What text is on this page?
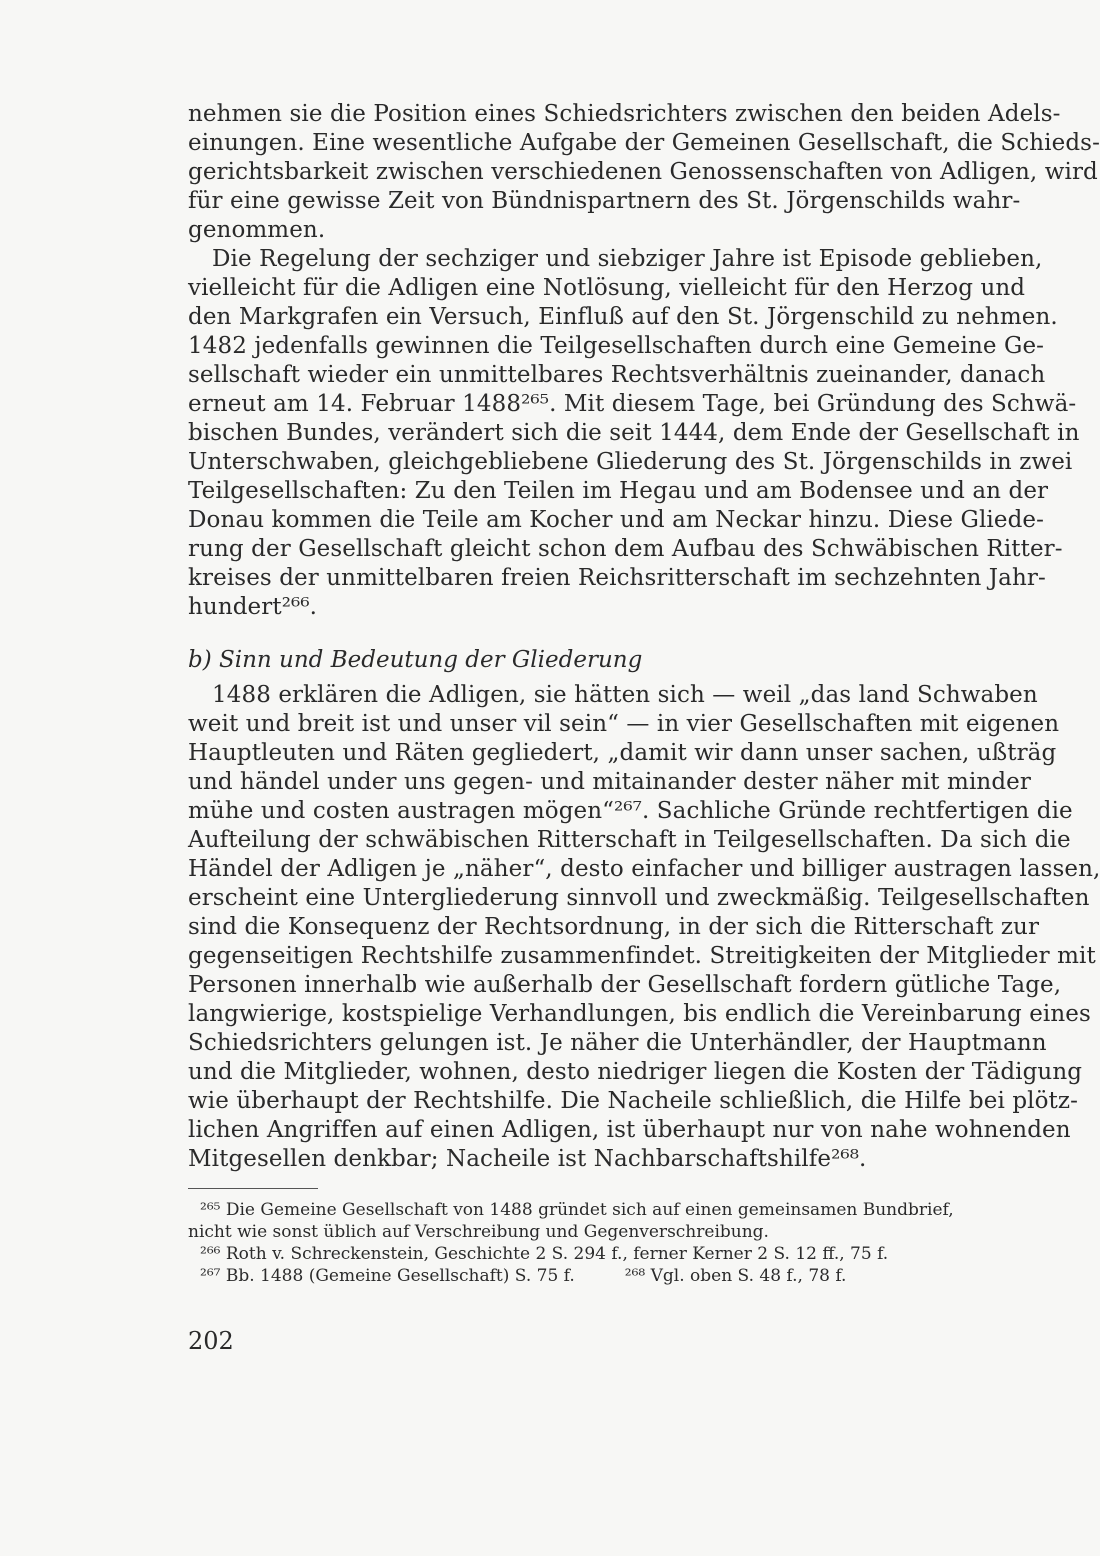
nehmen sie die Position eines Schiedsrichters zwischen den beiden Adels-
einungen. Eine wesentliche Aufgabe der Gemeinen Gesellschaft, die Schieds-
gerichtsbarkeit zwischen verschiedenen Genossenschaften von Adligen, wird
für eine gewisse Zeit von Bündnispartnern des St. Jörgenschilds wahr-
genommen.
Die Regelung der sechziger und siebziger Jahre ist Episode geblieben,
vielleicht für die Adligen eine Notlösung, vielleicht für den Herzog und
den Markgrafen ein Versuch, Einfluß auf den St. Jörgenschild zu nehmen.
1482 jedenfalls gewinnen die Teilgesellschaften durch eine Gemeine Ge-
sellschaft wieder ein unmittelbares Rechtsverhältnis zueinander, danach
erneut am 14. Februar 1488²⁶⁵. Mit diesem Tage, bei Gründung des Schwä-
bischen Bundes, verändert sich die seit 1444, dem Ende der Gesellschaft in
Unterschwaben, gleichgebliebene Gliederung des St. Jörgenschilds in zwei
Teilgesellschaften: Zu den Teilen im Hegau und am Bodensee und an der
Donau kommen die Teile am Kocher und am Neckar hinzu. Diese Gliede-
rung der Gesellschaft gleicht schon dem Aufbau des Schwäbischen Ritter-
kreises der unmittelbaren freien Reichsritterschaft im sechzehnten Jahr-
hundert²⁶⁶.
b) Sinn und Bedeutung der Gliederung
1488 erklären die Adligen, sie hätten sich — weil „das land Schwaben
weit und breit ist und unser vil sein“ — in vier Gesellschaften mit eigenen
Hauptleuten und Räten gegliedert, „damit wir dann unser sachen, ußträg
und händel under uns gegen- und mitainander dester näher mit minder
mühe und costen austragen mögen“²⁶⁷. Sachliche Gründe rechtfertigen die
Aufteilung der schwäbischen Ritterschaft in Teilgesellschaften. Da sich die
Händel der Adligen je „näher“, desto einfacher und billiger austragen lassen,
erscheint eine Untergliederung sinnvoll und zweckmäßig. Teilgesellschaften
sind die Konsequenz der Rechtsordnung, in der sich die Ritterschaft zur
gegenseitigen Rechtshilfe zusammenfindet. Streitigkeiten der Mitglieder mit
Personen innerhalb wie außerhalb der Gesellschaft fordern gütliche Tage,
langwierige, kostspielige Verhandlungen, bis endlich die Vereinbarung eines
Schiedsrichters gelungen ist. Je näher die Unterhändler, der Hauptmann
und die Mitglieder, wohnen, desto niedriger liegen die Kosten der Tädigung
wie überhaupt der Rechtshilfe. Die Nacheile schließlich, die Hilfe bei plötz-
lichen Angriffen auf einen Adligen, ist überhaupt nur von nahe wohnenden
Mitgesellen denkbar; Nacheile ist Nachbarschaftshilfe²⁶⁸.
²⁶⁵ Die Gemeine Gesellschaft von 1488 gründet sich auf einen gemeinsamen Bundbrief,
nicht wie sonst üblich auf Verschreibung und Gegenverschreibung.
²⁶⁶ Roth v. Schreckenstein, Geschichte 2 S. 294 f., ferner Kerner 2 S. 12 ff., 75 f.
²⁶⁷ Bb. 1488 (Gemeine Gesellschaft) S. 75 f.	²⁶⁸ Vgl. oben S. 48 f., 78 f.
202
